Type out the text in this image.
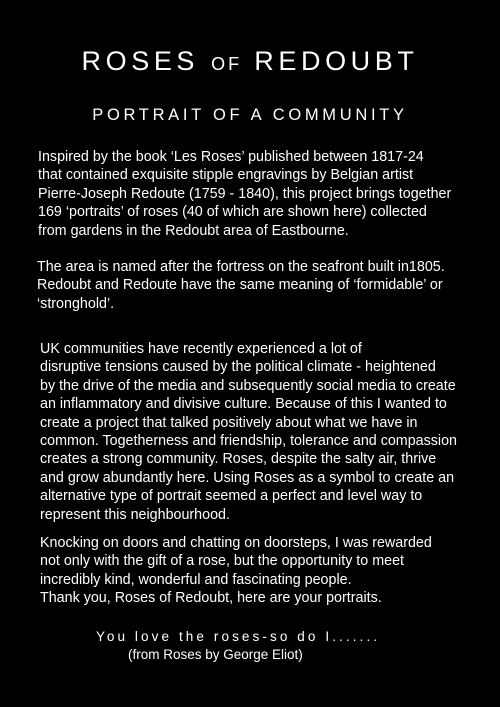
ROSES OF REDOUBT
PORTRAIT OF A COMMUNITY
Inspired by the book ‘Les Roses’ published between 1817-24
that contained exquisite stipple engravings by Belgian artist
Pierre-Joseph Redoute (1759 - 1840), this project brings together
169 ‘portraits’ of roses (40 of which are shown here) collected
from gardens in the Redoubt area of Eastbourne.
The area is named after the fortress on the seafront built in1805.
Redoubt and Redoute have the same meaning of ‘formidable’ or
‘stronghold’.
UK communities have recently experienced a lot of
disruptive tensions caused by the political climate - heightened
by the drive of the media and subsequently social media to create
an inflammatory and divisive culture. Because of this I wanted to
create a project that talked positively about what we have in
common. Togetherness and friendship, tolerance and compassion
creates a strong community. Roses, despite the salty air, thrive
and grow abundantly here. Using Roses as a symbol to create an
alternative type of portrait seemed a perfect and level way to
represent this neighbourhood.
Knocking on doors and chatting on doorsteps, I was rewarded
not only with the gift of a rose, but the opportunity to meet
incredibly kind, wonderful and fascinating people.
Thank you, Roses of Redoubt, here are your portraits.

You love the roses-so do I.......

(from Roses by George Eliot)
